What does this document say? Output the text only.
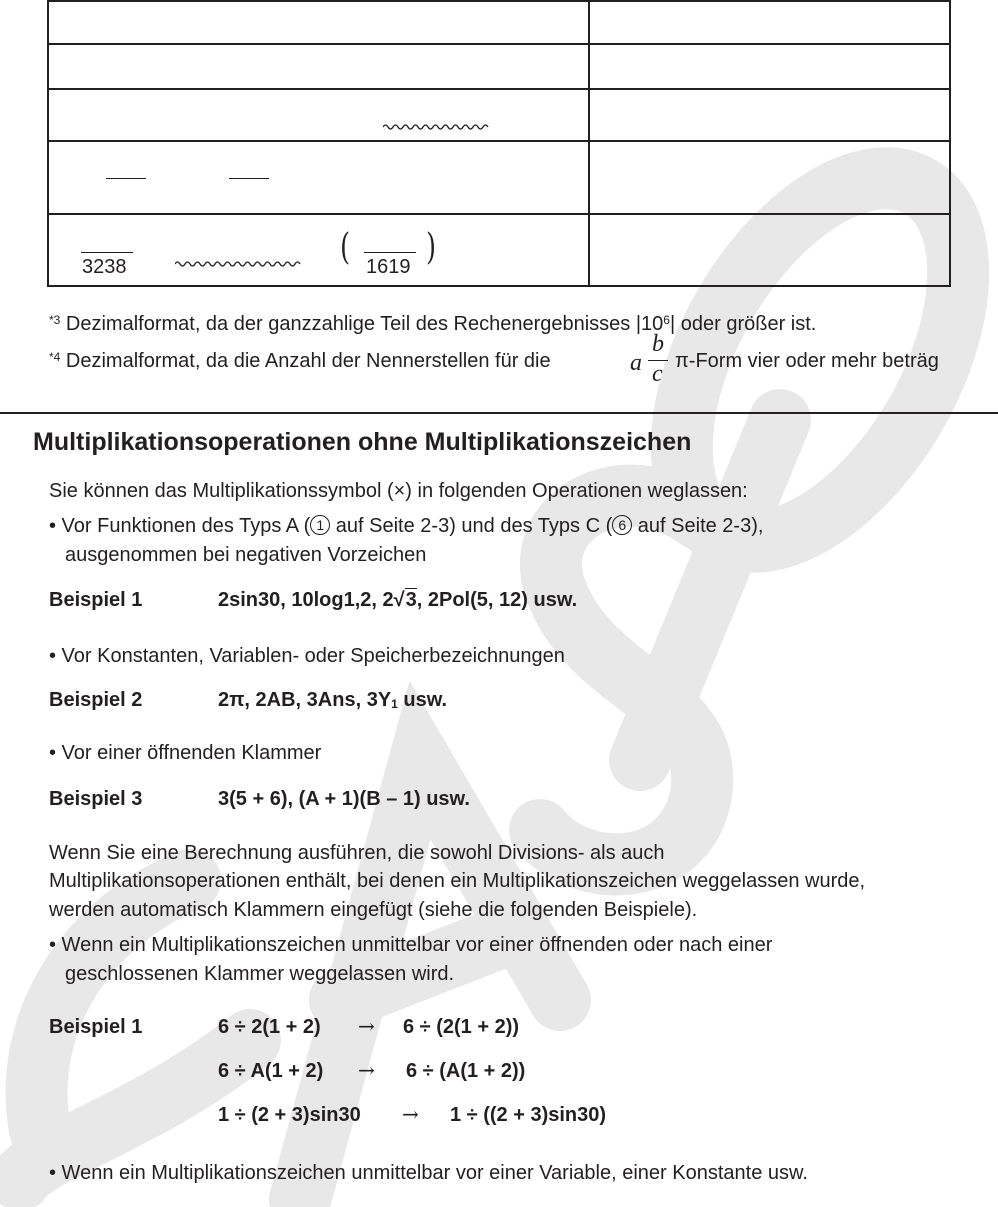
3238	( 1619 )
$^{*3}$ Dezimalformat, da der ganzzahlige Teil des Rechenergebnisses $|10^6|$ oder größer ist.
$^{*4}$ Dezimalformat, da die Anzahl der Nennerstellen für die	a
b
c π-Form vier oder mehr beträg
Multiplikationsoperationen ohne Multiplikationszeichen
Sie können das Multiplikationssymbol (×) in folgenden Operationen weglassen:
• Vor Funktionen des Typs A ( 1 auf Seite 2-3) und des Typs C ( 6 auf Seite 2-3),
ausgenommen bei negativen Vorzeichen
Beispiel 1	2sin30, 10log1,2, 2√3, 2Pol(5, 12) usw.
• Vor Konstanten, Variablen- oder Speicherbezeichnungen
Beispiel 2	2π, 2AB, 3Ans, 3Y1 usw.
• Vor einer öffnenden Klammer
Beispiel 3	3(5 + 6), (A + 1)(B – 1) usw.
Wenn Sie eine Berechnung ausführen, die sowohl Divisions- als auch
Multiplikationsoperationen enthält, bei denen ein Multiplikationszeichen weggelassen wurde,
werden automatisch Klammern eingefügt (siehe die folgenden Beispiele).
• Wenn ein Multiplikationszeichen unmittelbar vor einer öffnenden oder nach einer
geschlossenen Klammer weggelassen wird.
Beispiel 1	6 ÷ 2(1 + 2) → 6 ÷ (2(1 + 2))
6 ÷ A(1 + 2) → 6 ÷ (A(1 + 2))
1 ÷ (2 + 3)sin30 → 1 ÷ ((2 + 3)sin30)
• Wenn ein Multiplikationszeichen unmittelbar vor einer Variable, einer Konstante usw.
